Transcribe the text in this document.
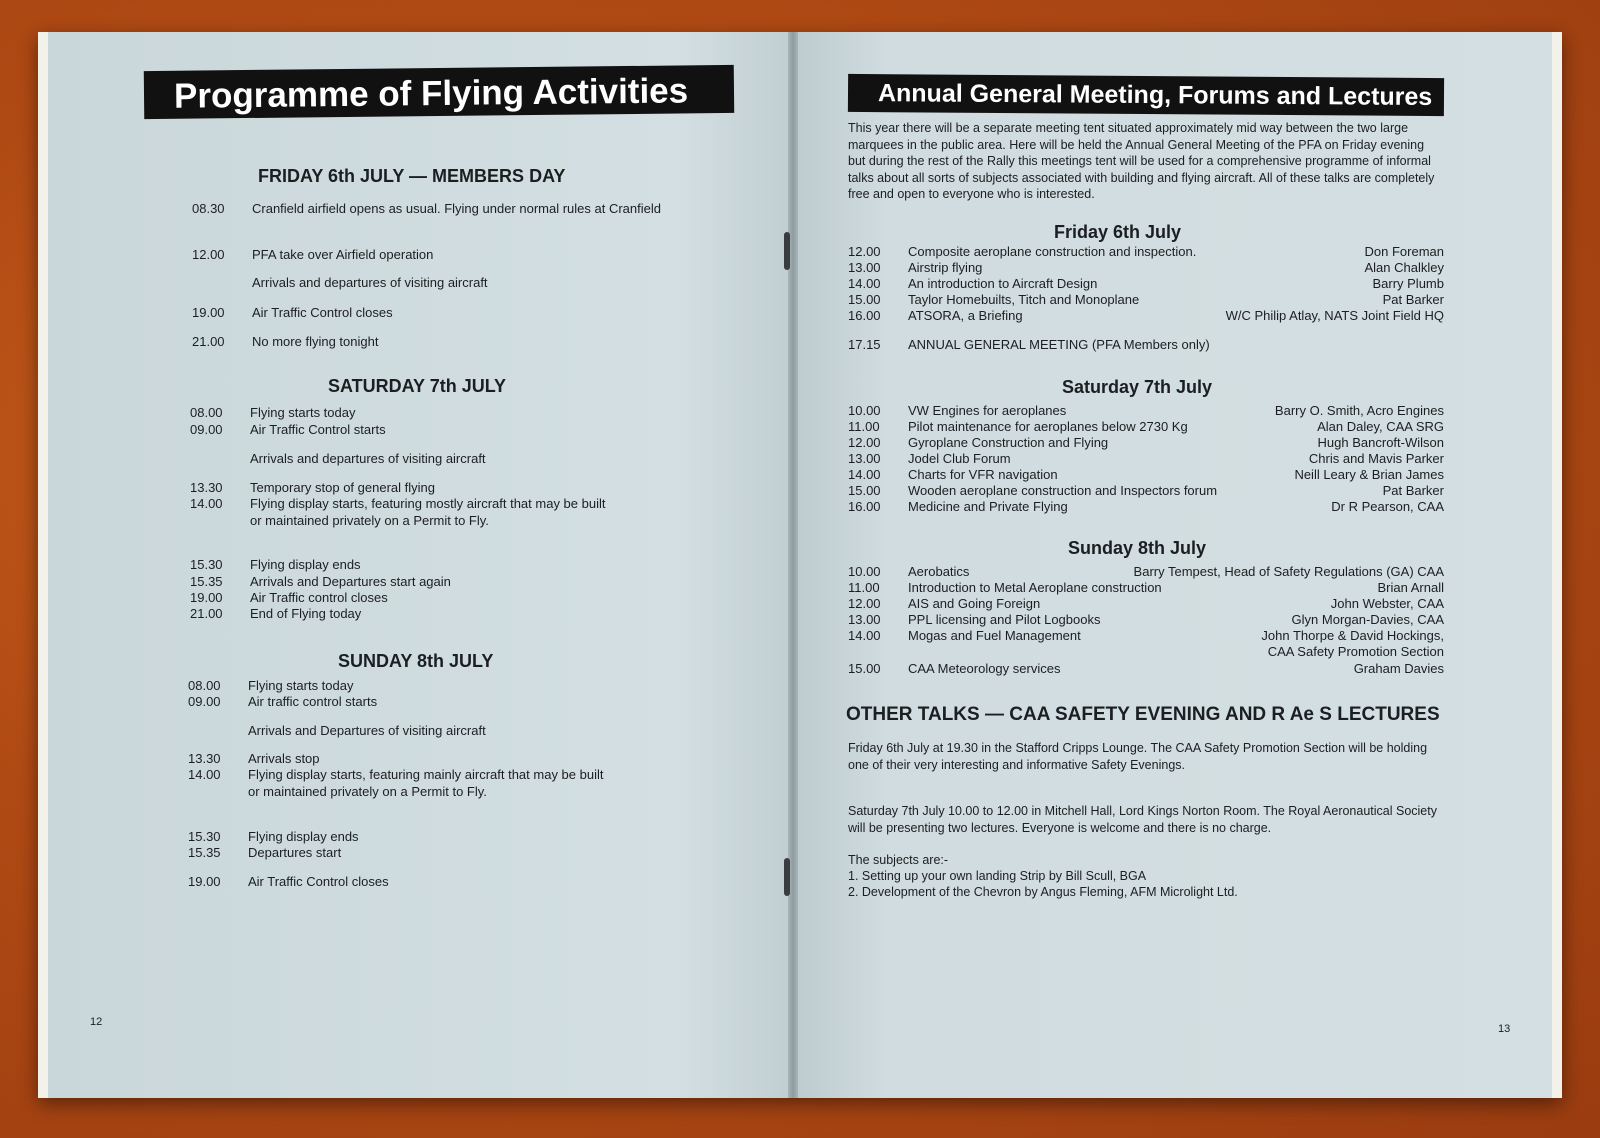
Programme of Flying Activities
FRIDAY 6th JULY — MEMBERS DAY
08.30	Cranfield airfield opens as usual. Flying under normal rules at Cranfield
12.00	PFA take over Airfield operation
Arrivals and departures of visiting aircraft
19.00	Air Traffic Control closes
21.00	No more flying tonight
SATURDAY 7th JULY
08.00	Flying starts today
09.00	Air Traffic Control starts
Arrivals and departures of visiting aircraft
13.30	Temporary stop of general flying
14.00	Flying display starts, featuring mostly aircraft that may be built or maintained privately on a Permit to Fly.
15.30	Flying display ends
15.35	Arrivals and Departures start again
19.00	Air Traffic control closes
21.00	End of Flying today
SUNDAY 8th JULY
08.00	Flying starts today
09.00	Air traffic control starts
Arrivals and Departures of visiting aircraft
13.30	Arrivals stop
14.00	Flying display starts, featuring mainly aircraft that may be built or maintained privately on a Permit to Fly.
15.30	Flying display ends
15.35	Departures start
19.00	Air Traffic Control closes
12
Annual General Meeting, Forums and Lectures
This year there will be a separate meeting tent situated approximately mid way between the two large marquees in the public area. Here will be held the Annual General Meeting of the PFA on Friday evening but during the rest of the Rally this meetings tent will be used for a comprehensive programme of informal talks about all sorts of subjects associated with building and flying aircraft. All of these talks are completely free and open to everyone who is interested.
Friday 6th July
12.00	Composite aeroplane construction and inspection.	Don Foreman
13.00	Airstrip flying	Alan Chalkley
14.00	An introduction to Aircraft Design	Barry Plumb
15.00	Taylor Homebuilts, Titch and Monoplane	Pat Barker
16.00	ATSORA, a Briefing	W/C Philip Atlay, NATS Joint Field HQ
17.15	ANNUAL GENERAL MEETING (PFA Members only)
Saturday 7th July
10.00	VW Engines for aeroplanes	Barry O. Smith, Acro Engines
11.00	Pilot maintenance for aeroplanes below 2730 Kg	Alan Daley, CAA SRG
12.00	Gyroplane Construction and Flying	Hugh Bancroft-Wilson
13.00	Jodel Club Forum	Chris and Mavis Parker
14.00	Charts for VFR navigation	Neill Leary & Brian James
15.00	Wooden aeroplane construction and Inspectors forum	Pat Barker
16.00	Medicine and Private Flying	Dr R Pearson, CAA
Sunday 8th July
10.00	Aerobatics	Barry Tempest, Head of Safety Regulations (GA) CAA
11.00	Introduction to Metal Aeroplane construction	Brian Arnall
12.00	AIS and Going Foreign	John Webster, CAA
13.00	PPL licensing and Pilot Logbooks	Glyn Morgan-Davies, CAA
14.00	Mogas and Fuel Management	John Thorpe & David Hockings,
CAA Safety Promotion Section
15.00	CAA Meteorology services	Graham Davies
OTHER TALKS — CAA SAFETY EVENING AND R Ae S LECTURES
Friday 6th July at 19.30 in the Stafford Cripps Lounge. The CAA Safety Promotion Section will be holding one of their very interesting and informative Safety Evenings.
Saturday 7th July 10.00 to 12.00 in Mitchell Hall, Lord Kings Norton Room. The Royal Aeronautical Society will be presenting two lectures. Everyone is welcome and there is no charge.
The subjects are:-
1. Setting up your own landing Strip by Bill Scull, BGA
2. Development of the Chevron by Angus Fleming, AFM Microlight Ltd.
13
